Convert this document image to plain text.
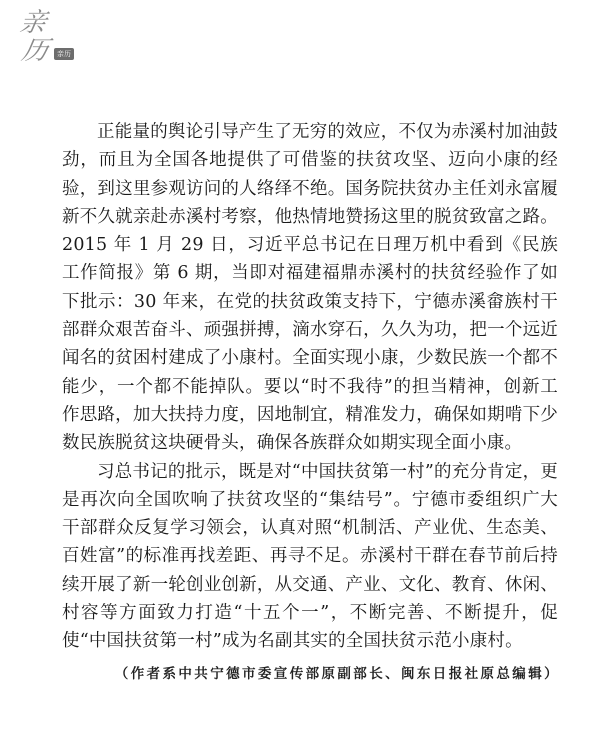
亲
历 亲历

正能量的舆论引导产生了无穷的效应，不仅为赤溪村加油鼓劲，而且为全国各地提供了可借鉴的扶贫攻坚、迈向小康的经验，到这里参观访问的人络绎不绝。国务院扶贫办主任刘永富履新不久就亲赴赤溪村考察，他热情地赞扬这里的脱贫致富之路。2015 年 1 月 29 日，习近平总书记在日理万机中看到《民族工作简报》第 6 期，当即对福建福鼎赤溪村的扶贫经验作了如下批示：30 年来，在党的扶贫政策支持下，宁德赤溪畲族村干部群众艰苦奋斗、顽强拼搏，滴水穿石，久久为功，把一个远近闻名的贫困村建成了小康村。全面实现小康，少数民族一个都不能少，一个都不能掉队。要以“时不我待”的担当精神，创新工作思路，加大扶持力度，因地制宜，精准发力，确保如期啃下少数民族脱贫这块硬骨头，确保各族群众如期实现全面小康。

习总书记的批示，既是对“中国扶贫第一村”的充分肯定，更是再次向全国吹响了扶贫攻坚的“集结号”。宁德市委组织广大干部群众反复学习领会，认真对照“机制活、产业优、生态美、百姓富”的标准再找差距、再寻不足。赤溪村干群在春节前后持续开展了新一轮创业创新，从交通、产业、文化、教育、休闲、村容等方面致力打造“十五个一”，不断完善、不断提升，促使“中国扶贫第一村”成为名副其实的全国扶贫示范小康村。

（作者系中共宁德市委宣传部原副部长、闽东日报社原总编辑）
